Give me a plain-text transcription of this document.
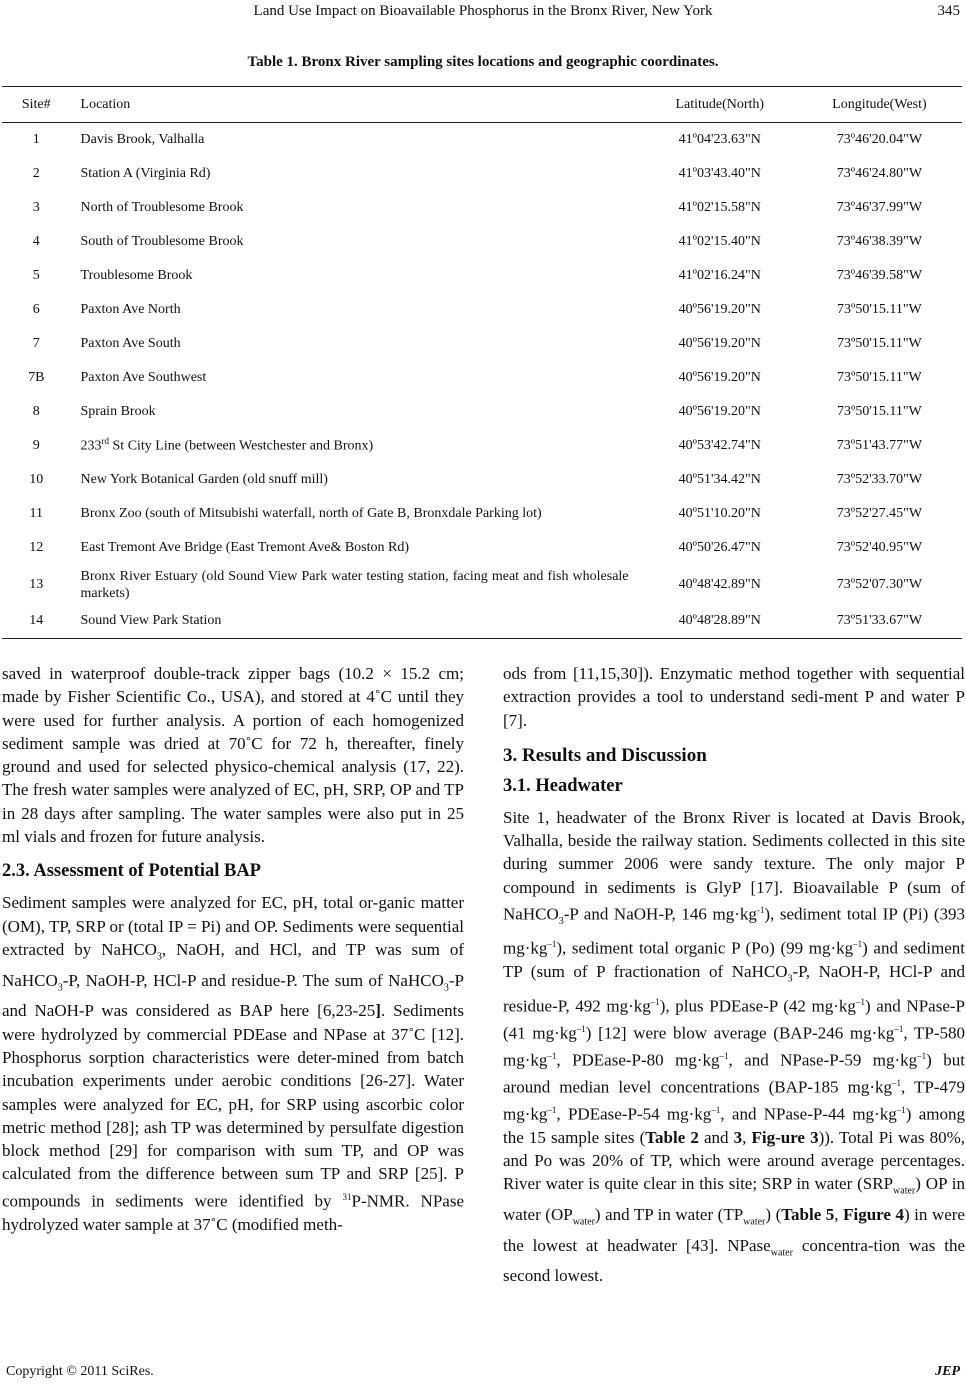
Land Use Impact on Bioavailable Phosphorus in the Bronx River, New York	345
Table 1. Bronx River sampling sites locations and geographic coordinates.
Site#	Location	Latitude(North)	Longitude(West)
1	Davis Brook, Valhalla	41º04'23.63"N	73º46'20.04"W
2	Station A (Virginia Rd)	41º03'43.40"N	73º46'24.80"W
3	North of Troublesome Brook	41º02'15.58"N	73º46'37.99"W
4	South of Troublesome Brook	41º02'15.40"N	73º46'38.39"W
5	Troublesome Brook	41º02'16.24"N	73º46'39.58"W
6	Paxton Ave North	40º56'19.20"N	73º50'15.11"W
7	Paxton Ave South	40º56'19.20"N	73º50'15.11"W
7B	Paxton Ave Southwest	40º56'19.20"N	73º50'15.11"W
8	Sprain Brook	40º56'19.20"N	73º50'15.11"W
9	233rd St City Line (between Westchester and Bronx)	40º53'42.74"N	73º51'43.77"W
10	New York Botanical Garden (old snuff mill)	40º51'34.42"N	73º52'33.70"W
11	Bronx Zoo (south of Mitsubishi waterfall, north of Gate B, Bronxdale Parking lot)	40º51'10.20"N	73º52'27.45"W
12	East Tremont Ave Bridge (East Tremont Ave& Boston Rd)	40º50'26.47"N	73º52'40.95"W
13	Bronx River Estuary (old Sound View Park water testing station, facing meat and fish wholesale markets)	40º48'42.89"N	73º52'07.30"W
14	Sound View Park Station	40º48'28.89"N	73º51'33.67"W

saved in waterproof double-track zipper bags (10.2 × 15.2 cm; made by Fisher Scientific Co., USA), and stored at 4˚C until they were used for further analysis. A portion of each homogenized sediment sample was dried at 70˚C for 72 h, thereafter, finely ground and used for selected physico-chemical analysis (17, 22). The fresh water samples were analyzed of EC, pH, SRP, OP and TP in 28 days after sampling. The water samples were also put in 25 ml vials and frozen for future analysis.

2.3. Assessment of Potential BAP

Sediment samples were analyzed for EC, pH, total or-ganic matter (OM), TP, SRP or (total IP = Pi) and OP. Sediments were sequential extracted by NaHCO$_3$, NaOH, and HCl, and TP was sum of NaHCO$_3$-P, NaOH-P, HCl-P and residue-P. The sum of NaHCO$_3$-P and NaOH-P was considered as BAP here [6,23-25]. Sediments were hydrolyzed by commercial PDEase and NPase at 37˚C [12]. Phosphorus sorption characteristics were deter-mined from batch incubation experiments under aerobic conditions [26-27]. Water samples were analyzed for EC, pH, for SRP using ascorbic color metric method [28]; ash TP was determined by persulfate digestion block method [29] for comparison with sum TP, and OP was calculated from the difference between sum TP and SRP [25]. P compounds in sediments were identified by $^{31}$P-NMR. NPase hydrolyzed water sample at 37˚C (modified meth-

ods from [11,15,30]). Enzymatic method together with sequential extraction provides a tool to understand sedi-ment P and water P [7].

3. Results and Discussion
3.1. Headwater

Site 1, headwater of the Bronx River is located at Davis Brook, Valhalla, beside the railway station. Sediments collected in this site during summer 2006 were sandy texture. The only major P compound in sediments is GlyP [17]. Bioavailable P (sum of NaHCO$_3$-P and NaOH-P, 146 $mg\cdot kg^{-1}$), sediment total IP (Pi) (393 $mg\cdot kg^{-1}$), sediment total organic P (Po) (99 $mg\cdot kg^{-1}$) and sediment TP (sum of P fractionation of NaHCO$_3$-P, NaOH-P, HCl-P and residue-P, 492 $mg\cdot kg^{-1}$), plus PDEase-P (42 $mg\cdot kg^{-1}$) and NPase-P (41 $mg\cdot kg^{-1}$) [12] were blow average (BAP-246 $mg\cdot kg^{-1}$, TP-580 $mg\cdot kg^{-1}$, PDEase-P-80 $mg\cdot kg^{-1}$, and NPase-P-59 $mg\cdot kg^{-1}$) but around median level concentrations (BAP-185 $mg\cdot kg^{-1}$, TP-479 $mg\cdot kg^{-1}$, PDEase-P-54 $mg\cdot kg^{-1}$, and NPase-P-44 $mg\cdot kg^{-1}$) among the 15 sample sites (Table 2 and 3, Fig-ure 3)). Total Pi was 80%, and Po was 20% of TP, which were around average percentages. River water is quite clear in this site; SRP in water $(SRP_{water})$ OP in water $(OP_{water})$ and TP in water $(TP_{water})$ (Table 5, Figure 4) in were the lowest at headwater [43]. NPase$_{water}$ concentra-tion was the second lowest.

Copyright © 2011 SciRes.	JEP
